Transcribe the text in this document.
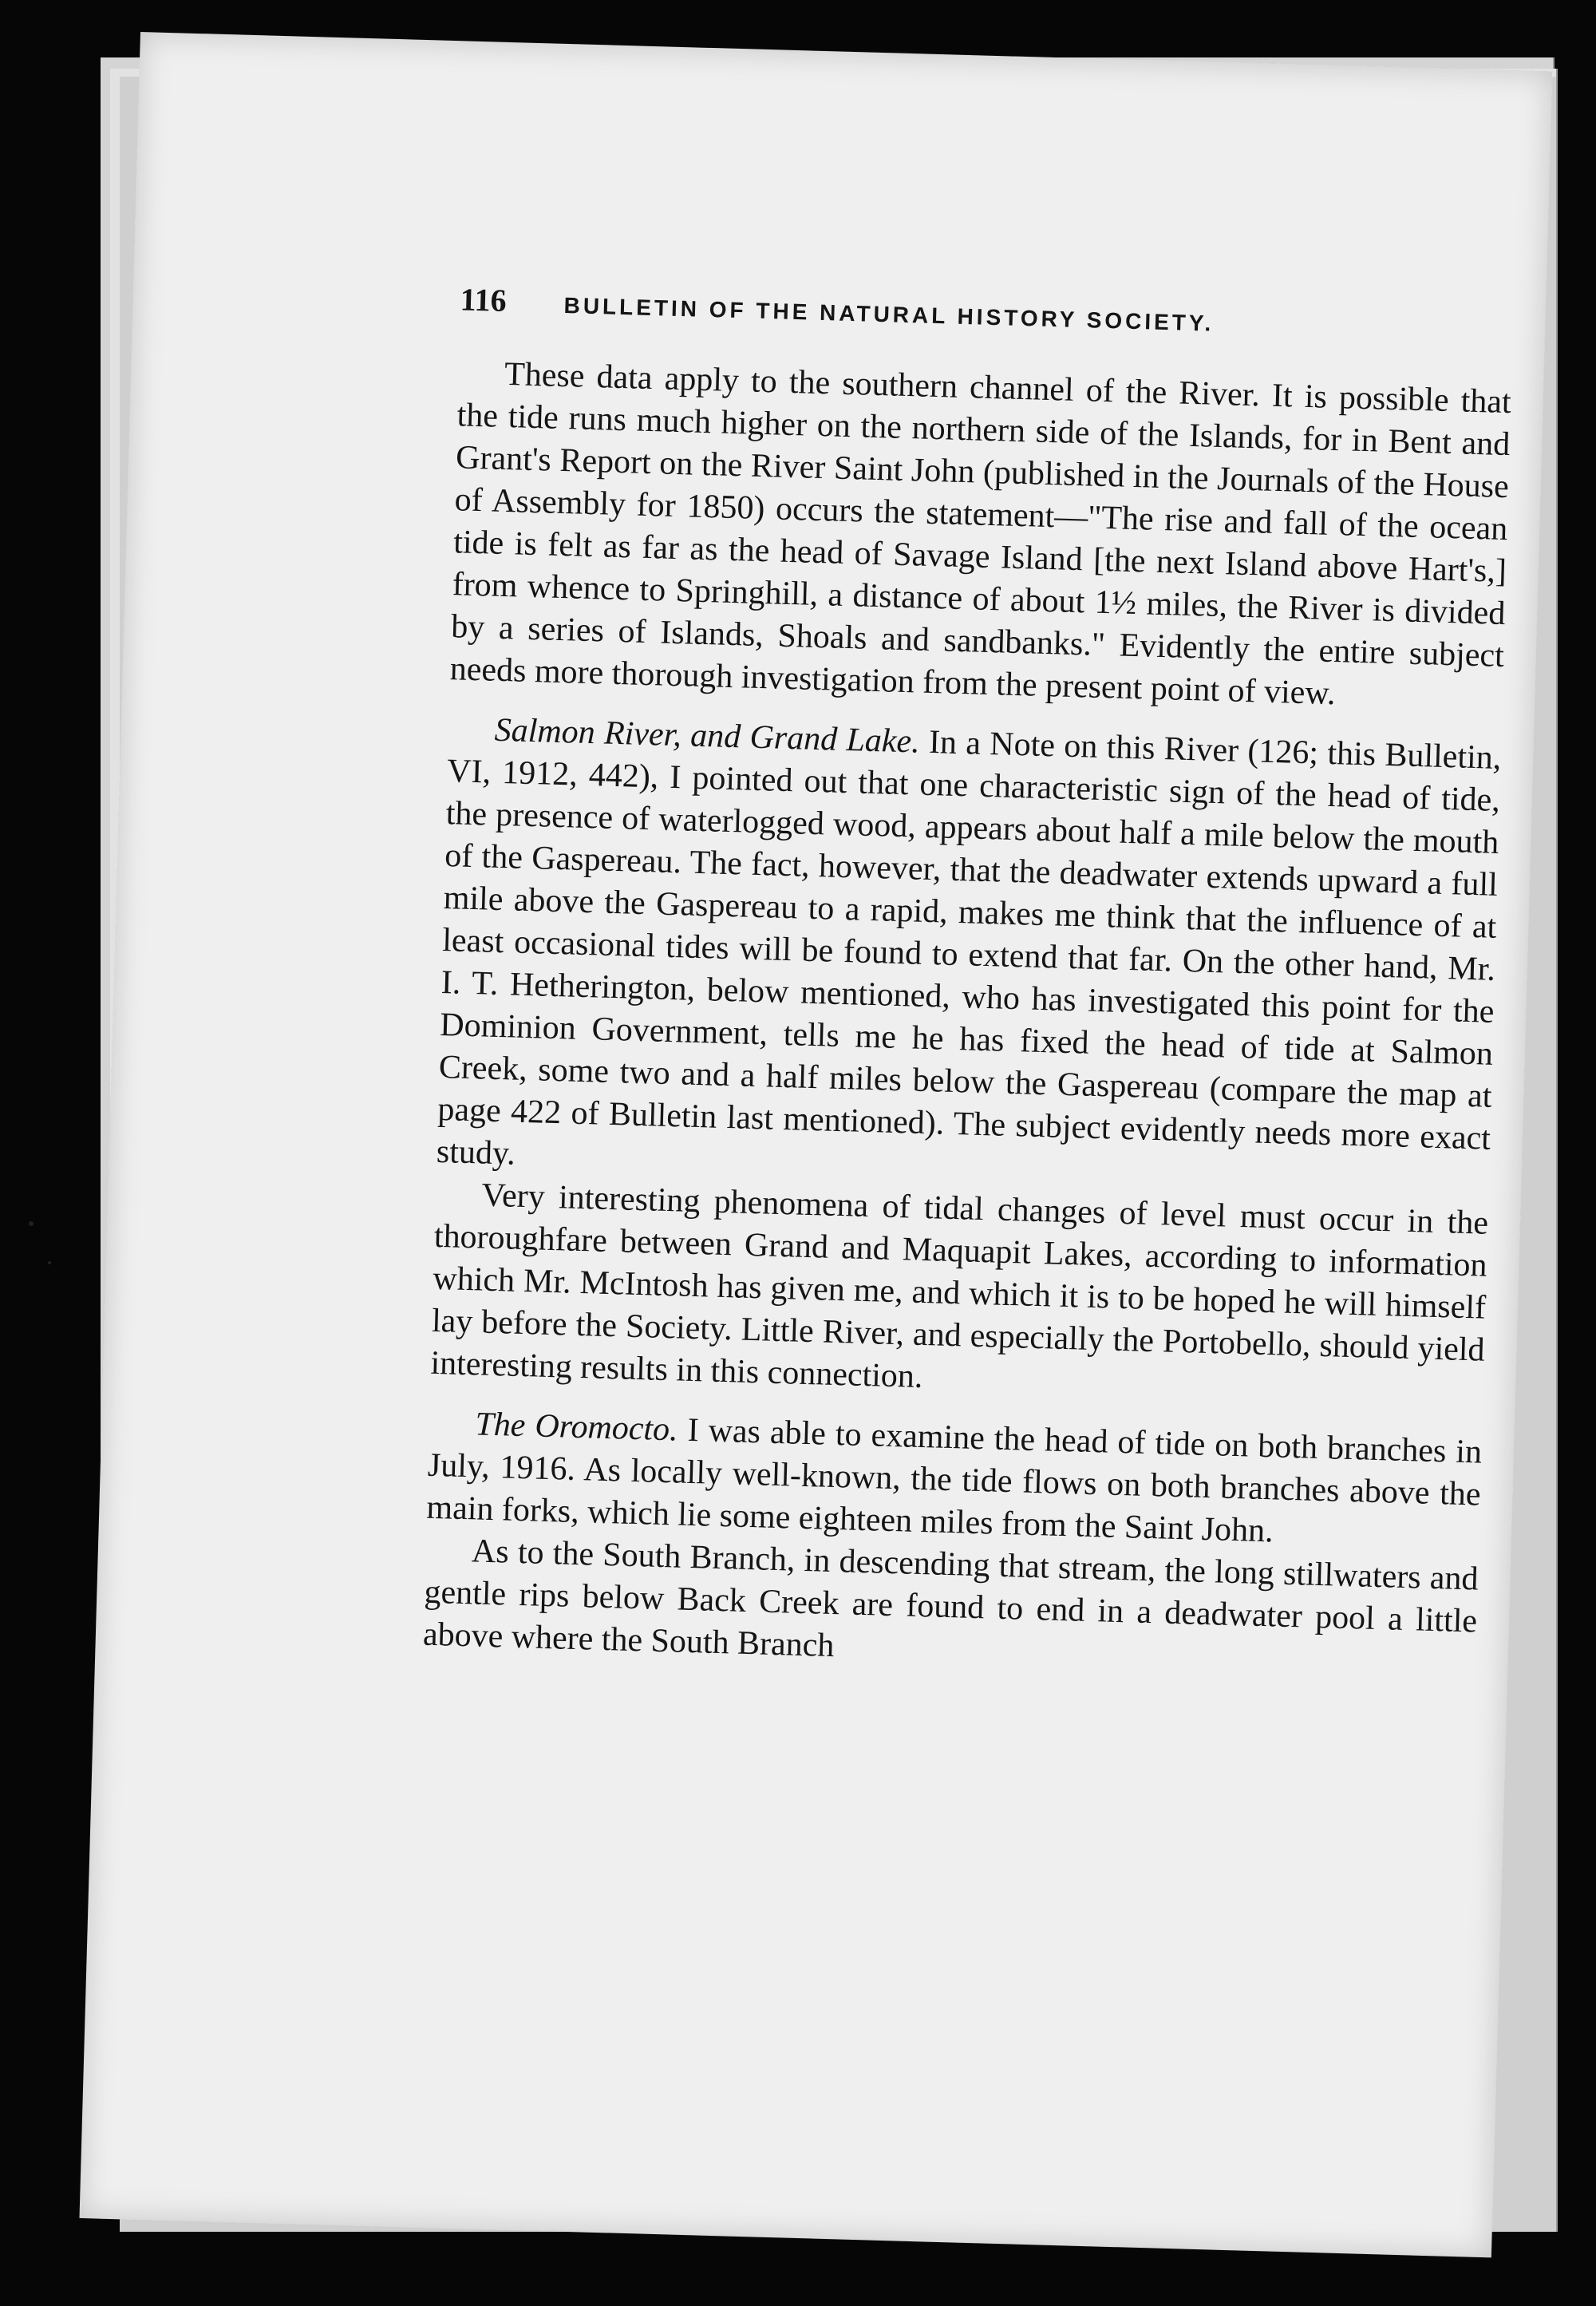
116	BULLETIN OF THE NATURAL HISTORY SOCIETY.

These data apply to the southern channel of the River. It is possible that the tide runs much higher on the northern side of the Islands, for in Bent and Grant's Report on the River Saint John (published in the Journals of the House of Assembly for 1850) occurs the statement—"The rise and fall of the ocean tide is felt as far as the head of Savage Island [the next Island above Hart's,] from whence to Springhill, a distance of about 1½ miles, the River is divided by a series of Islands, Shoals and sandbanks." Evidently the entire subject needs more thorough investigation from the present point of view.

Salmon River, and Grand Lake. In a Note on this River (126; this Bulletin, VI, 1912, 442), I pointed out that one characteristic sign of the head of tide, the presence of waterlogged wood, appears about half a mile below the mouth of the Gaspereau. The fact, however, that the deadwater extends upward a full mile above the Gaspereau to a rapid, makes me think that the influence of at least occasional tides will be found to extend that far. On the other hand, Mr. I. T. Hetherington, below mentioned, who has investigated this point for the Dominion Government, tells me he has fixed the head of tide at Salmon Creek, some two and a half miles below the Gaspereau (compare the map at page 422 of Bulletin last mentioned). The subject evidently needs more exact study.

Very interesting phenomena of tidal changes of level must occur in the thoroughfare between Grand and Maquapit Lakes, according to information which Mr. McIntosh has given me, and which it is to be hoped he will himself lay before the Society. Little River, and especially the Portobello, should yield interesting results in this connection.

The Oromocto. I was able to examine the head of tide on both branches in July, 1916. As locally well-known, the tide flows on both branches above the main forks, which lie some eighteen miles from the Saint John.

As to the South Branch, in descending that stream, the long stillwaters and gentle rips below Back Creek are found to end in a deadwater pool a little above where the South Branch
